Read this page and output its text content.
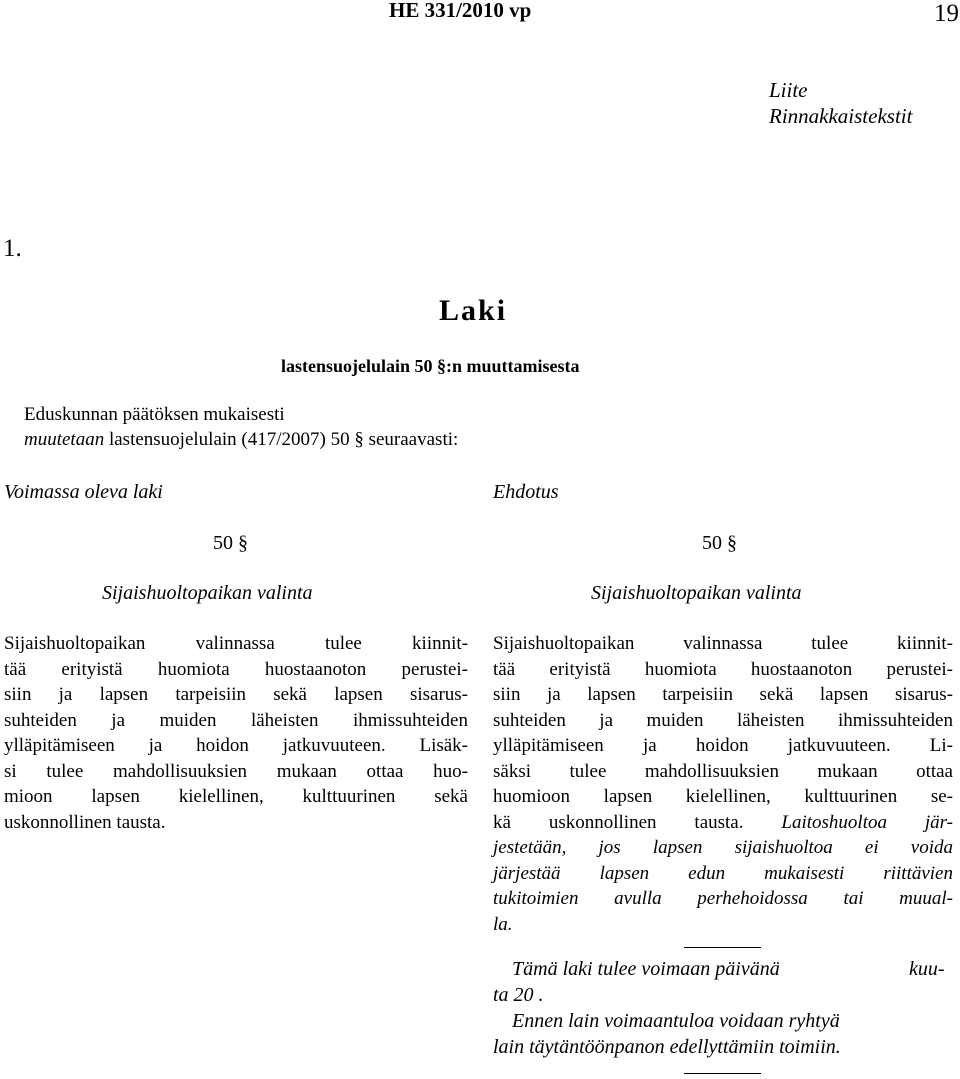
HE 331/2010 vp	19
Liite
Rinnakkaistekstit
1.
Laki
lastensuojelulain 50 §:n muuttamisesta
Eduskunnan päätöksen mukaisesti
muutetaan lastensuojelulain (417/2007) 50 § seuraavasti:
Voimassa oleva laki	Ehdotus
50 §	50 §
Sijaishuoltopaikan valinta	Sijaishuoltopaikan valinta
Sijaishuoltopaikan valinnassa tulee kiinnit-
tää erityistä huomiota huostaanoton perustei-
siin ja lapsen tarpeisiin sekä lapsen sisarus-
suhteiden ja muiden läheisten ihmissuhteiden
ylläpitämiseen ja hoidon jatkuvuuteen. Lisäk-
si tulee mahdollisuuksien mukaan ottaa huo-
mioon lapsen kielellinen, kulttuurinen sekä
uskonnollinen tausta.
Sijaishuoltopaikan valinnassa tulee kiinnit-
tää erityistä huomiota huostaanoton perustei-
siin ja lapsen tarpeisiin sekä lapsen sisarus-
suhteiden ja muiden läheisten ihmissuhteiden
ylläpitämiseen ja hoidon jatkuvuuteen. Li-
säksi tulee mahdollisuuksien mukaan ottaa
huomioon lapsen kielellinen, kulttuurinen se-
kä uskonnollinen tausta. Laitoshuoltoa jär-
jestetään, jos lapsen sijaishuoltoa ei voida
järjestää lapsen edun mukaisesti riittävien
tukitoimien avulla perhehoidossa tai muual-
la.
Tämä laki tulee voimaan päivänä	kuu-
ta 20 .
Ennen lain voimaantuloa voidaan ryhtyä
lain täytäntöönpanon edellyttämiin toimiin.
